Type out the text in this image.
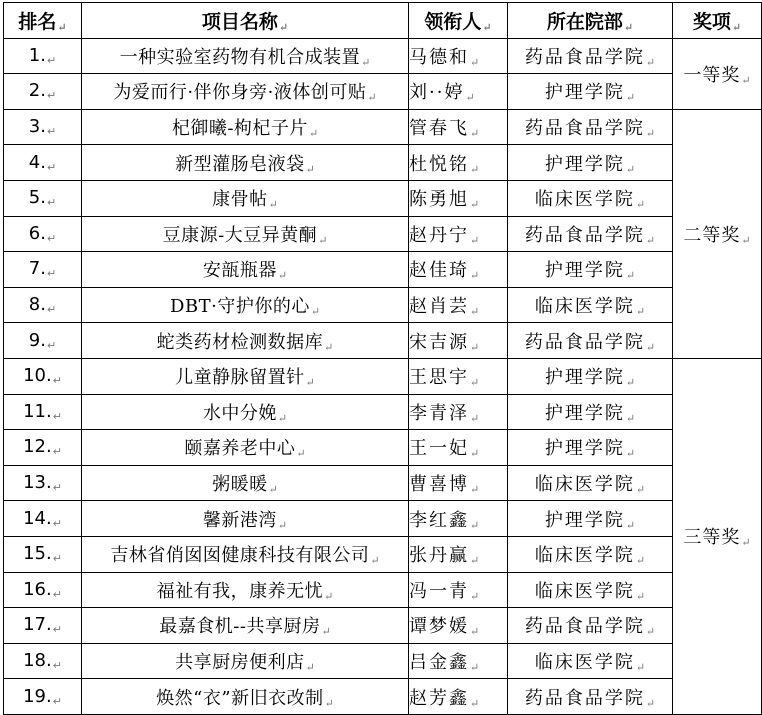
排名↵	项目名称↵	领衔人↵	所在院部↵	奖项↵
1.↵	一种实验室药物有机合成装置↵	马德和↵	药品食品学院↵	一等奖↵
2.↵	为爱而行·伴你身旁·液体创可贴↵	刘··婷↵	护理学院↵	
3.↵	杞御曦-枸杞子片↵	管春飞↵	药品食品学院↵	二等奖↵
4.↵	新型灌肠皂液袋↵	杜悦铭↵	护理学院↵	
5.↵	康骨帖↵	陈勇旭↵	临床医学院↵	
6.↵	豆康源-大豆异黄酮↵	赵丹宁↵	药品食品学院↵	
7.↵	安瓿瓶器↵	赵佳琦↵	护理学院↵	
8.↵	DBT·守护你的心↵	赵肖芸↵	临床医学院↵	
9.↵	蛇类药材检测数据库↵	宋吉源↵	药品食品学院↵	
10.↵	儿童静脉留置针↵	王思宇↵	护理学院↵	三等奖↵
11.↵	水中分娩↵	李青泽↵	护理学院↵	
12.↵	颐嘉养老中心↵	王一妃↵	护理学院↵	
13.↵	粥暖暖↵	曹喜博↵	临床医学院↵	
14.↵	馨新港湾↵	李红鑫↵	护理学院↵	
15.↵	吉林省俏囡囡健康科技有限公司↵	张丹赢↵	临床医学院↵	
16.↵	福祉有我，康养无忧↵	冯一青↵	临床医学院↵	
17.↵	最嘉食机--共享厨房↵	谭梦媛↵	药品食品学院↵	
18.↵	共享厨房便利店↵	吕金鑫↵	临床医学院↵	
19.↵	焕然“衣”新旧衣改制↵	赵芳鑫↵	药品食品学院↵	
